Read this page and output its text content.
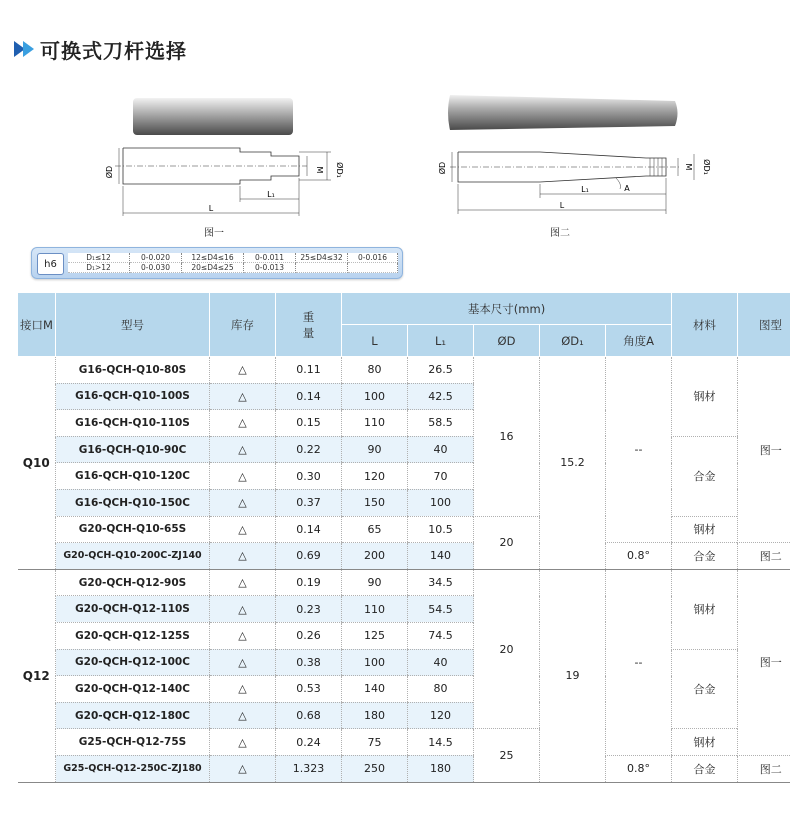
可换式刀杆选择
ØD	M ØD₁
L
L₁
图一
ØD	M ØD₁
L
L₁	A
图二
h6
D₁≤12	0-0.020	12≤D4≤16	0-0.011	25≤D4≤32	0-0.016
D₁>12	0-0.030	20≤D4≤25	0-0.013
接口M	型号	库存	重量	基本尺寸(mm)					材料	图型
				L	L₁	ØD	ØD₁	角度A		
Q10	G16-QCH-Q10-80S	△	0.11	80	26.5	16	15.2	--	钢材	图一
	G16-QCH-Q10-100S	△	0.14	100	42.5					
	G16-QCH-Q10-110S	△	0.15	110	58.5					
	G16-QCH-Q10-90C	△	0.22	90	40				合金	
	G16-QCH-Q10-120C	△	0.30	120	70					
	G16-QCH-Q10-150C	△	0.37	150	100					
	G20-QCH-Q10-65S	△	0.14	65	10.5	20			钢材	
	G20-QCH-Q10-200C-ZJ140	△	0.69	200	140			0.8°	合金	图二
Q12	G20-QCH-Q12-90S	△	0.19	90	34.5	20	19	--	钢材	图一
	G20-QCH-Q12-110S	△	0.23	110	54.5					
	G20-QCH-Q12-125S	△	0.26	125	74.5					
	G20-QCH-Q12-100C	△	0.38	100	40				合金	
	G20-QCH-Q12-140C	△	0.53	140	80					
	G20-QCH-Q12-180C	△	0.68	180	120					
	G25-QCH-Q12-75S	△	0.24	75	14.5	25			钢材	
	G25-QCH-Q12-250C-ZJ180	△	1.323	250	180			0.8°	合金	图二
